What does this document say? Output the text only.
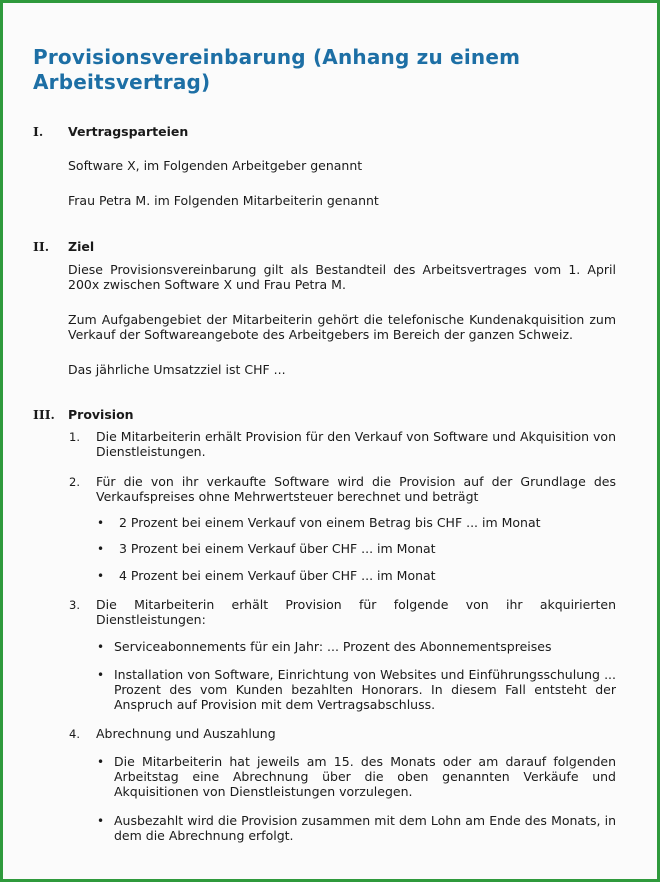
Provisionsvereinbarung (Anhang zu einem Arbeitsvertrag)
I. Vertragsparteien

Software X, im Folgenden Arbeitgeber genannt

Frau Petra M. im Folgenden Mitarbeiterin genannt

II. Ziel

Diese Provisionsvereinbarung gilt als Bestandteil des Arbeitsvertrages vom 1. April 200x zwischen Software X und Frau Petra M.

Zum Aufgabengebiet der Mitarbeiterin gehört die telefonische Kundenakquisition zum Verkauf der Softwareangebote des Arbeitgebers im Bereich der ganzen Schweiz.

Das jährliche Umsatzziel ist CHF ...

III. Provision
1. Die Mitarbeiterin erhält Provision für den Verkauf von Software und Akquisition von Dienstleistungen.

2. Für die von ihr verkaufte Software wird die Provision auf der Grundlage des Verkaufspreises ohne Mehrwertsteuer berechnet und beträgt

•	2 Prozent bei einem Verkauf von einem Betrag bis CHF ... im Monat

•	3 Prozent bei einem Verkauf über CHF ... im Monat

•	4 Prozent bei einem Verkauf über CHF ... im Monat

3. Die Mitarbeiterin erhält Provision für folgende von ihr akquirierten Dienstleistungen:

• Serviceabonnements für ein Jahr: ... Prozent des Abonnementspreises

• Installation von Software, Einrichtung von Websites und Einführungsschulung ... Prozent des vom Kunden bezahlten Honorars. In diesem Fall entsteht der Anspruch auf Provision mit dem Vertragsabschluss.

4. Abrechnung und Auszahlung

• Die Mitarbeiterin hat jeweils am 15. des Monats oder am darauf folgenden Arbeitstag eine Abrechnung über die oben genannten Verkäufe und Akquisitionen von Dienstleistungen vorzulegen.

• Ausbezahlt wird die Provision zusammen mit dem Lohn am Ende des Monats, in dem die Abrechnung erfolgt.
